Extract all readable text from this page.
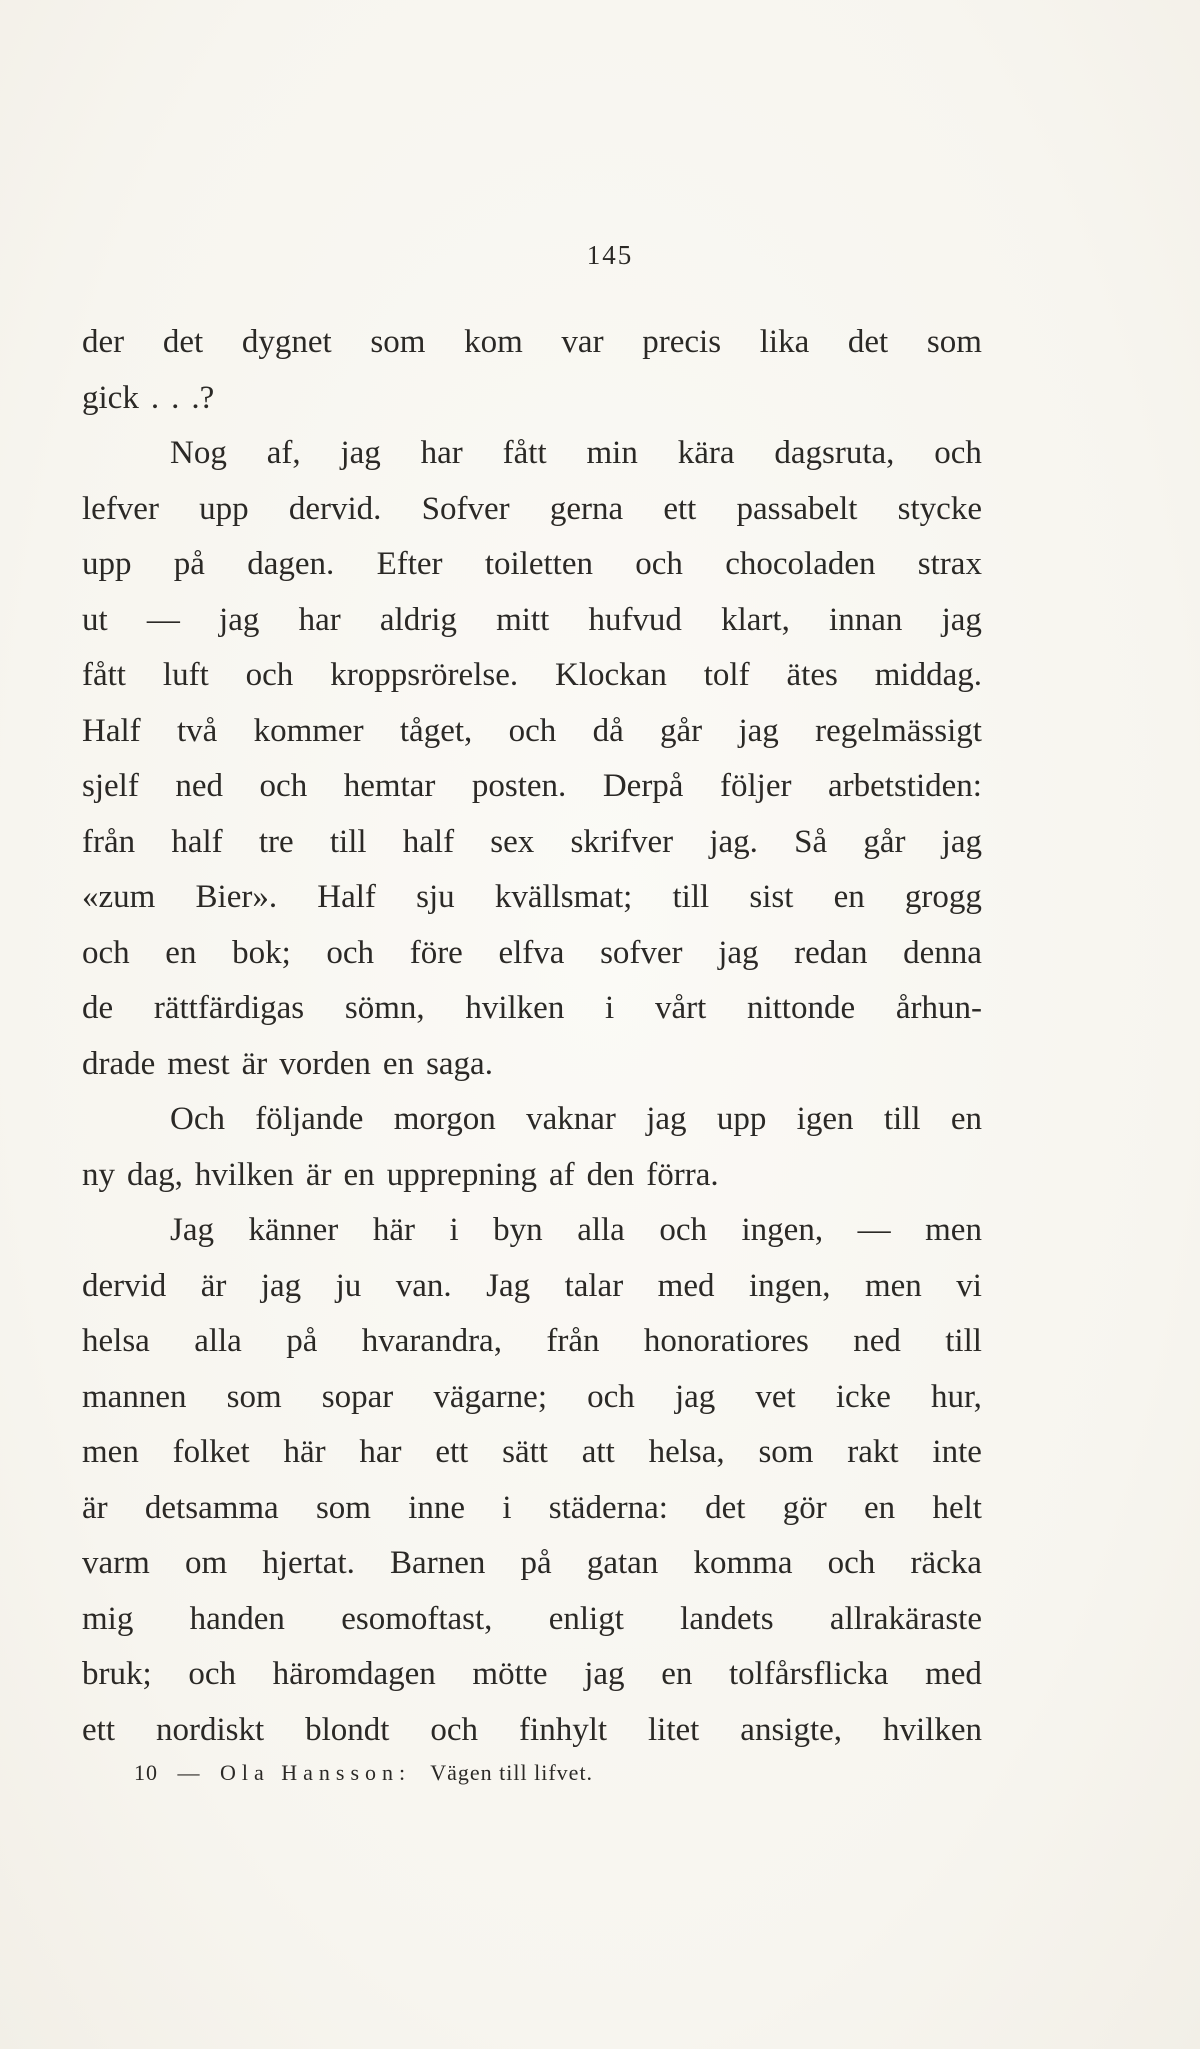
145
der det dygnet som kom var precis lika det som
gick . . .?
Nog af, jag har fått min kära dagsruta, och
lefver upp dervid. Sofver gerna ett passabelt stycke
upp på dagen. Efter toiletten och chocoladen strax
ut — jag har aldrig mitt hufvud klart, innan jag
fått luft och kroppsrörelse. Klockan tolf ätes middag.
Half två kommer tåget, och då går jag regelmässigt
sjelf ned och hemtar posten. Derpå följer arbetstiden:
från half tre till half sex skrifver jag. Så går jag
«zum Bier». Half sju kvällsmat; till sist en grogg
och en bok; och före elfva sofver jag redan denna
de rättfärdigas sömn, hvilken i vårt nittonde århun-
drade mest är vorden en saga.
Och följande morgon vaknar jag upp igen till en
ny dag, hvilken är en upprepning af den förra.
Jag känner här i byn alla och ingen, — men
dervid är jag ju van. Jag talar med ingen, men vi
helsa alla på hvarandra, från honoratiores ned till
mannen som sopar vägarne; och jag vet icke hur,
men folket här har ett sätt att helsa, som rakt inte
är detsamma som inne i städerna: det gör en helt
varm om hjertat. Barnen på gatan komma och räcka
mig handen esomoftast, enligt landets allrakäraste
bruk; och häromdagen mötte jag en tolfårsflicka med
ett nordiskt blondt och finhylt litet ansigte, hvilken
10 — Ola Hansson: Vägen till lifvet.
